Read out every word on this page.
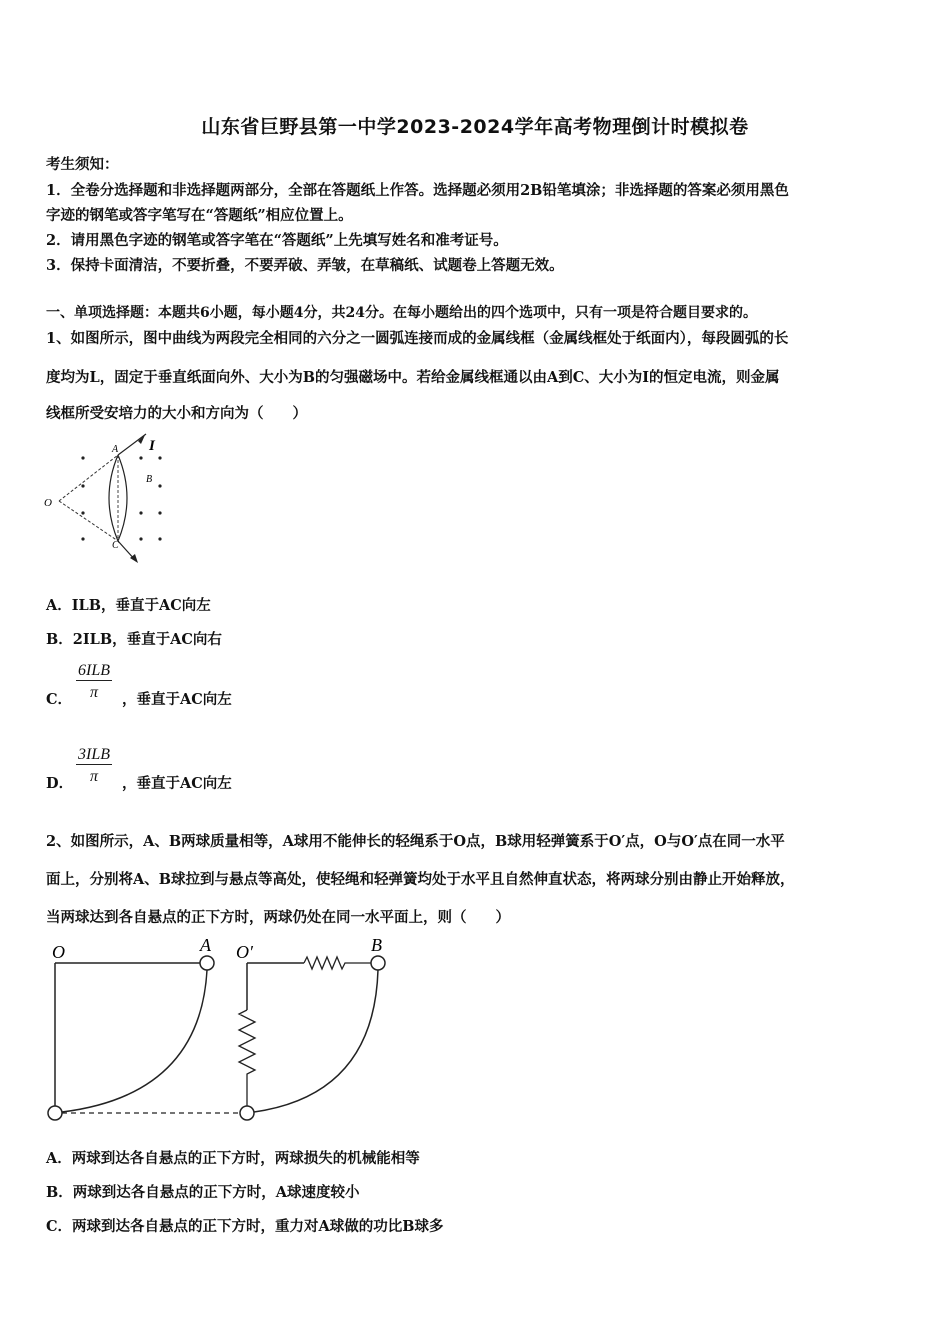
山东省巨野县第一中学2023-2024学年高考物理倒计时模拟卷
考生须知：
1．全卷分选择题和非选择题两部分，全部在答题纸上作答。选择题必须用2B铅笔填涂；非选择题的答案必须用黑色
字迹的钢笔或答字笔写在“答题纸”相应位置上。
2．请用黑色字迹的钢笔或答字笔在“答题纸”上先填写姓名和准考证号。
3．保持卡面清洁，不要折叠，不要弄破、弄皱，在草稿纸、试题卷上答题无效。
一、单项选择题：本题共6小题，每小题4分，共24分。在每小题给出的四个选项中，只有一项是符合题目要求的。
1、如图所示，图中曲线为两段完全相同的六分之一圆弧连接而成的金属线框（金属线框处于纸面内），每段圆弧的长
度均为L，固定于垂直纸面向外、大小为B的匀强磁场中。若给金属线框通以由A到C、大小为I的恒定电流，则金属
线框所受安培力的大小和方向为（　　）
O
A
B
C
I
A．ILB，垂直于AC向左
B．2ILB，垂直于AC向右
C．
6ILB
π	，垂直于AC向左
D．
3ILB
π	，垂直于AC向左
2、如图所示，A、B两球质量相等，A球用不能伸长的轻绳系于O点，B球用轻弹簧系于O′点，O与O′点在同一水平
面上，分别将A、B球拉到与悬点等高处，使轻绳和轻弹簧均处于水平且自然伸直状态，将两球分别由静止开始释放，
当两球达到各自悬点的正下方时，两球仍处在同一水平面上，则（　　）
O	A O′	B
A．两球到达各自悬点的正下方时，两球损失的机械能相等
B．两球到达各自悬点的正下方时，A球速度较小
C．两球到达各自悬点的正下方时，重力对A球做的功比B球多
